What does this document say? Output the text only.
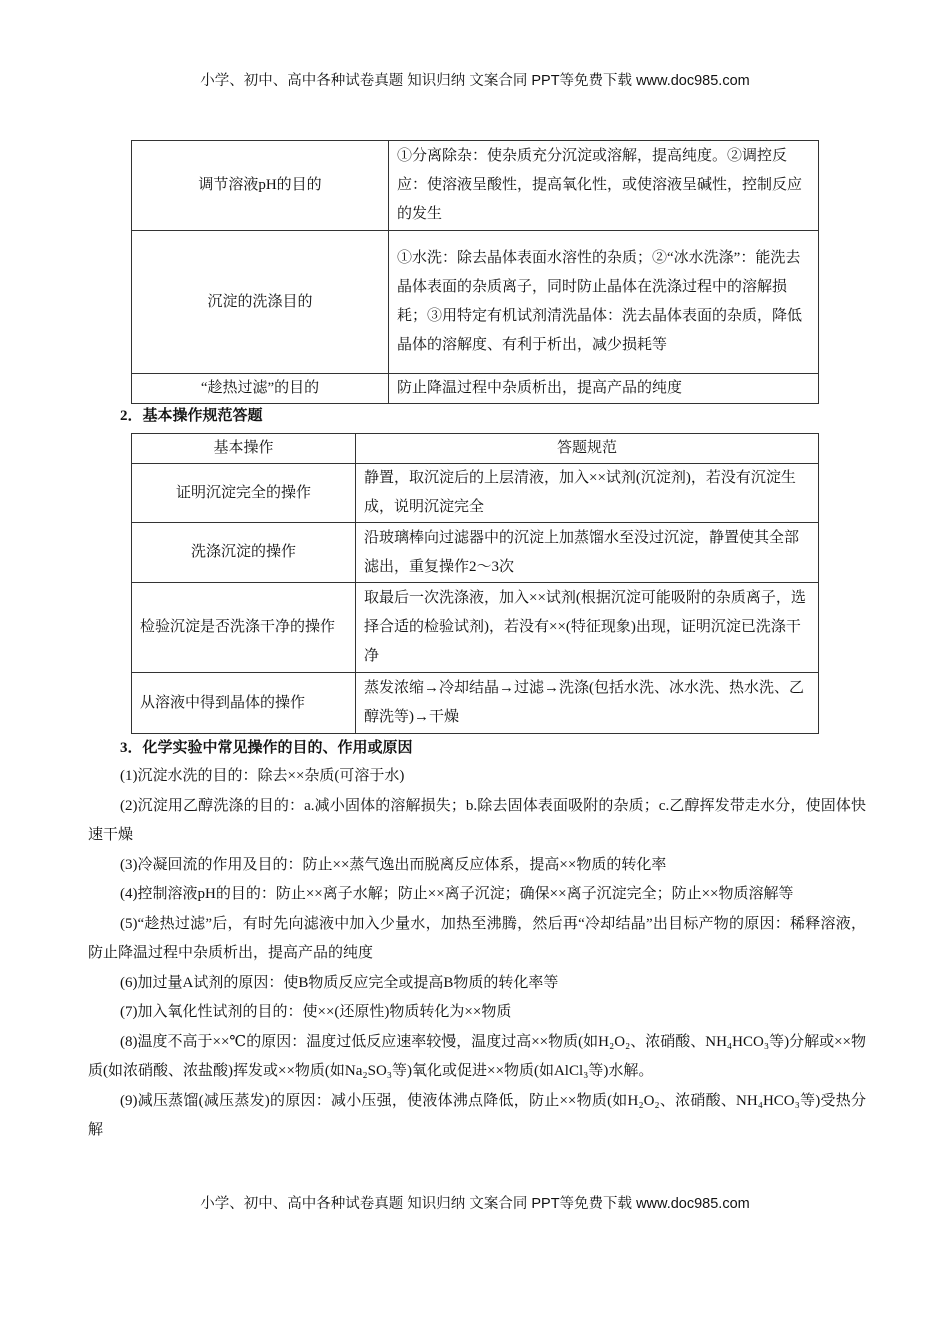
小学、初中、高中各种试卷真题 知识归纳 文案合同 PPT等免费下载 www.doc985.com
调节溶液pH的目的	①分离除杂：使杂质充分沉淀或溶解，提高纯度。②调控反应：使溶液呈酸性，提高氧化性，或使溶液呈碱性，控制反应的发生
沉淀的洗涤目的	①水洗：除去晶体表面水溶性的杂质；②“冰水洗涤”：能洗去晶体表面的杂质离子，同时防止晶体在洗涤过程中的溶解损耗；③用特定有机试剂清洗晶体：洗去晶体表面的杂质，降低晶体的溶解度、有利于析出，减少损耗等
“趁热过滤”的目的	防止降温过程中杂质析出，提高产品的纯度
2．基本操作规范答题
基本操作	答题规范
证明沉淀完全的操作	静置，取沉淀后的上层清液，加入××试剂(沉淀剂)，若没有沉淀生成，说明沉淀完全
洗涤沉淀的操作	沿玻璃棒向过滤器中的沉淀上加蒸馏水至没过沉淀，静置使其全部滤出，重复操作2～3次
检验沉淀是否洗涤干净的操作	取最后一次洗涤液，加入××试剂(根据沉淀可能吸附的杂质离子，选择合适的检验试剂)，若没有××(特征现象)出现，证明沉淀已洗涤干净
从溶液中得到晶体的操作	蒸发浓缩→冷却结晶→过滤→洗涤(包括水洗、冰水洗、热水洗、乙醇洗等)→干燥
3．化学实验中常见操作的目的、作用或原因

(1)沉淀水洗的目的：除去××杂质(可溶于水)

(2)沉淀用乙醇洗涤的目的：a.减小固体的溶解损失；b.除去固体表面吸附的杂质；c.乙醇挥发带走水分，使固体快速干燥

(3)冷凝回流的作用及目的：防止××蒸气逸出而脱离反应体系，提高××物质的转化率

(4)控制溶液pH的目的：防止××离子水解；防止××离子沉淀；确保××离子沉淀完全；防止××物质溶解等

(5)“趁热过滤”后，有时先向滤液中加入少量水，加热至沸腾，然后再“冷却结晶”出目标产物的原因：稀释溶液，防止降温过程中杂质析出，提高产品的纯度

(6)加过量A试剂的原因：使B物质反应完全或提高B物质的转化率等

(7)加入氧化性试剂的目的：使××(还原性)物质转化为××物质

(8)温度不高于××℃的原因：温度过低反应速率较慢，温度过高××物质(如H₂O₂、浓硝酸、NH₄HCO₃等)分解或××物质(如浓硝酸、浓盐酸)挥发或××物质(如Na₂SO₃等)氧化或促进××物质(如AlCl₃等)水解。

(9)减压蒸馏(减压蒸发)的原因：减小压强，使液体沸点降低，防止××物质(如H₂O₂、浓硝酸、NH₄HCO₃等)受热分解

小学、初中、高中各种试卷真题 知识归纳 文案合同 PPT等免费下载 www.doc985.com
